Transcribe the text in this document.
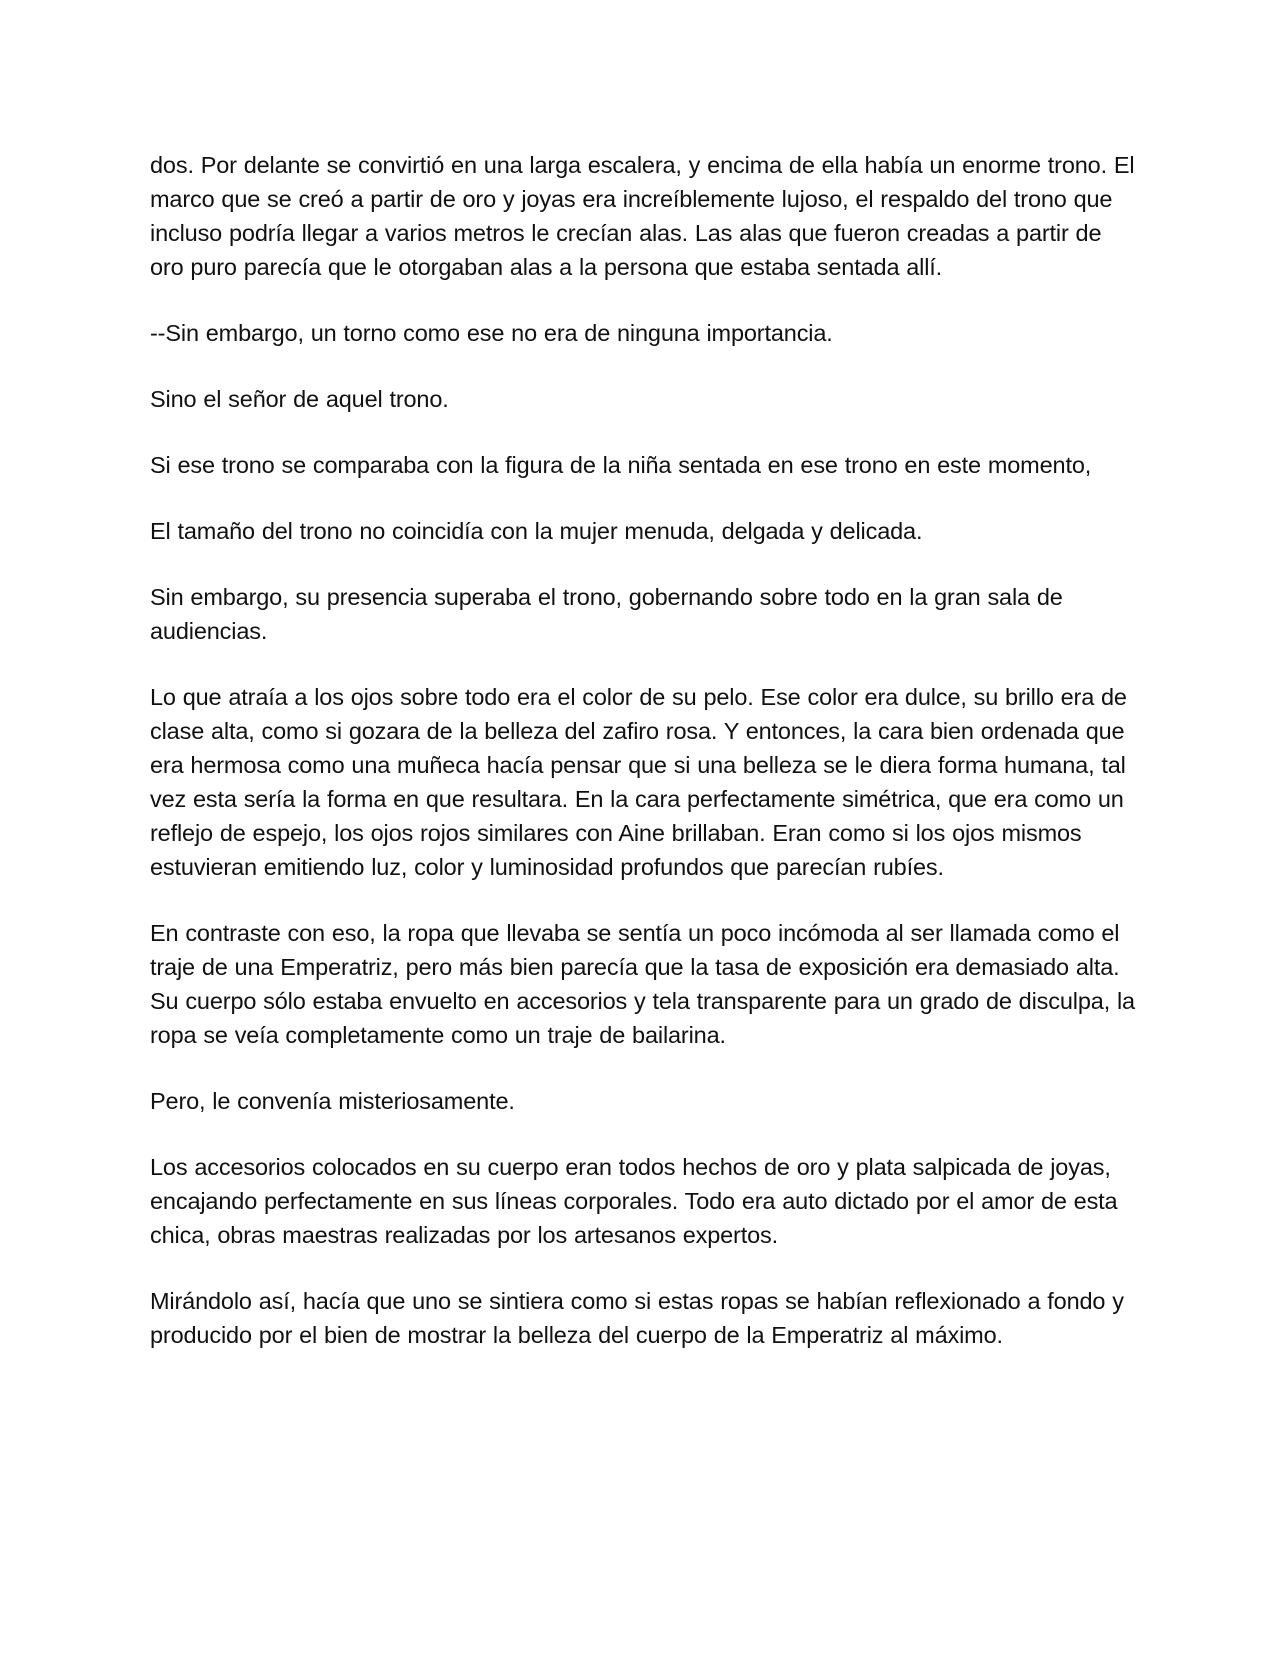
dos. Por delante se convirtió en una larga escalera, y encima de ella había un enorme trono. El marco que se creó a partir de oro y joyas era increíblemente lujoso, el respaldo del trono que incluso podría llegar a varios metros le crecían alas. Las alas que fueron creadas a partir de oro puro parecía que le otorgaban alas a la persona que estaba sentada allí.

--Sin embargo, un torno como ese no era de ninguna importancia.

Sino el señor de aquel trono.

Si ese trono se comparaba con la figura de la niña sentada en ese trono en este momento,

El tamaño del trono no coincidía con la mujer menuda, delgada y delicada.

Sin embargo, su presencia superaba el trono, gobernando sobre todo en la gran sala de audiencias.

Lo que atraía a los ojos sobre todo era el color de su pelo. Ese color era dulce, su brillo era de clase alta, como si gozara de la belleza del zafiro rosa. Y entonces, la cara bien ordenada que era hermosa como una muñeca hacía pensar que si una belleza se le diera forma humana, tal vez esta sería la forma en que resultara. En la cara perfectamente simétrica, que era como un reflejo de espejo, los ojos rojos similares con Aine brillaban. Eran como si los ojos mismos estuvieran emitiendo luz, color y luminosidad profundos que parecían rubíes.

En contraste con eso, la ropa que llevaba se sentía un poco incómoda al ser llamada como el traje de una Emperatriz, pero más bien parecía que la tasa de exposición era demasiado alta. Su cuerpo sólo estaba envuelto en accesorios y tela transparente para un grado de disculpa, la ropa se veía completamente como un traje de bailarina.

Pero, le convenía misteriosamente.

Los accesorios colocados en su cuerpo eran todos hechos de oro y plata salpicada de joyas, encajando perfectamente en sus líneas corporales. Todo era auto dictado por el amor de esta chica, obras maestras realizadas por los artesanos expertos.

Mirándolo así, hacía que uno se sintiera como si estas ropas se habían reflexionado a fondo y producido por el bien de mostrar la belleza del cuerpo de la Emperatriz al máximo.
